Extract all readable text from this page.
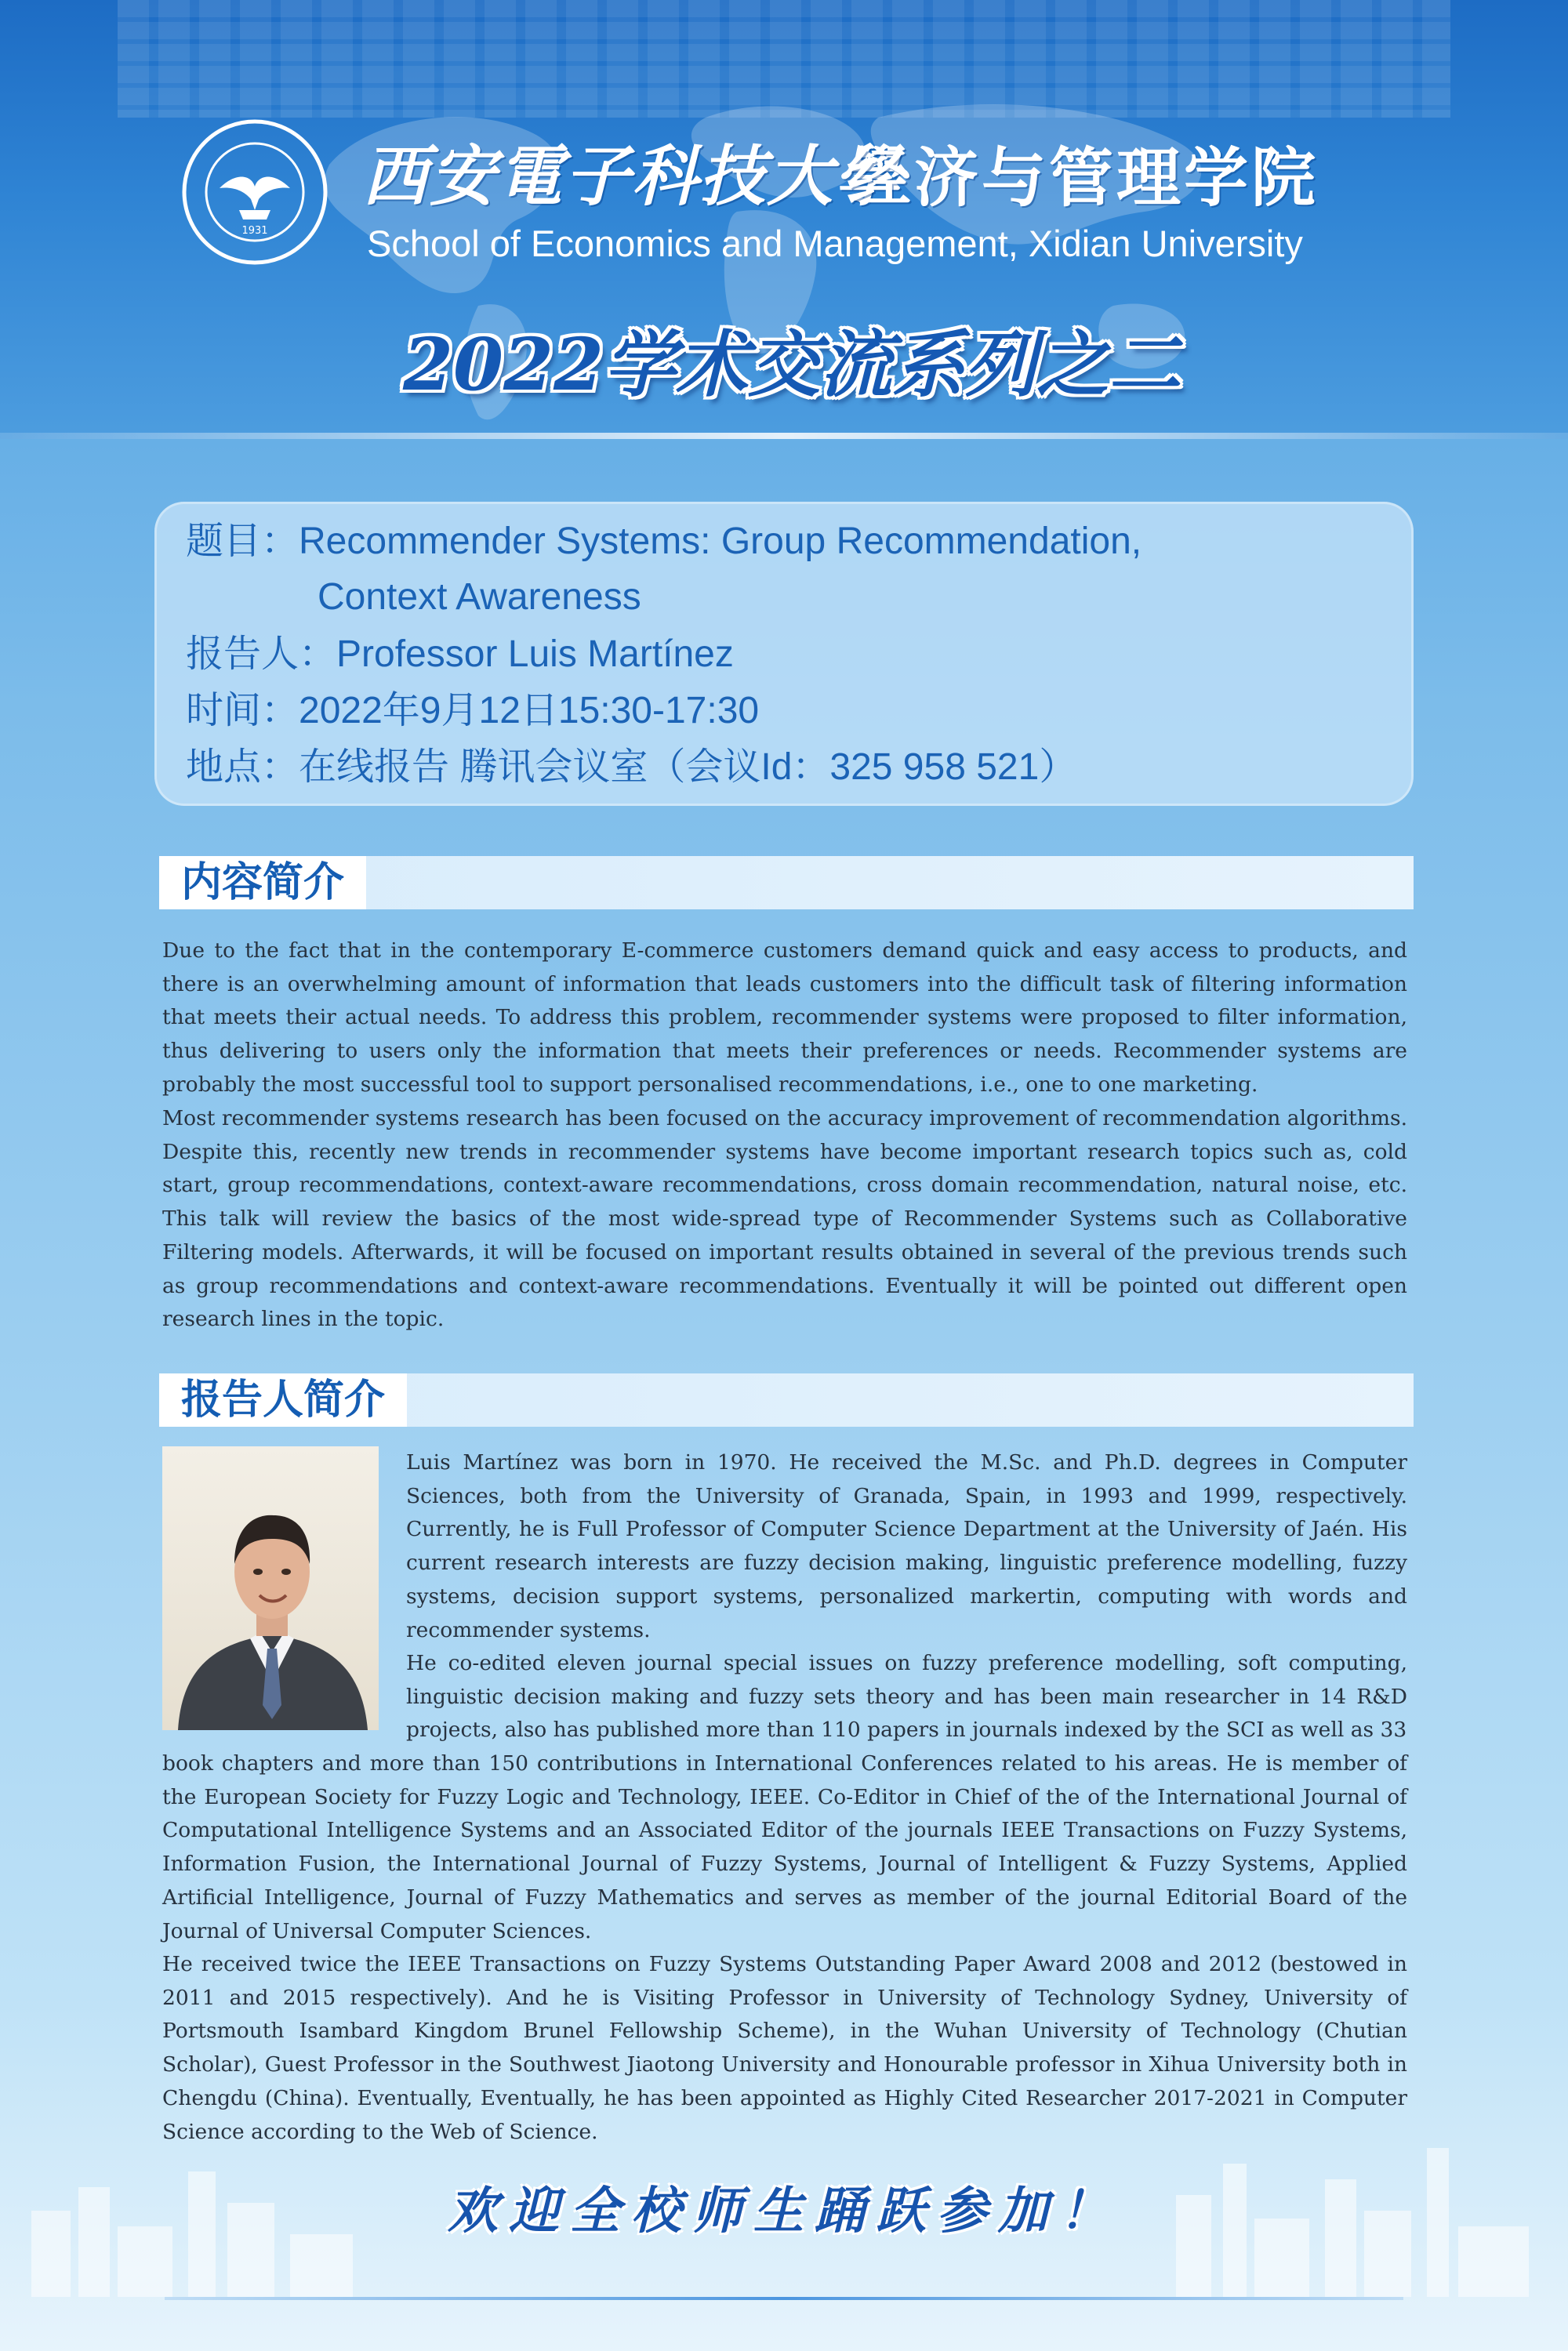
1931
西安電子科技大學
经济与管理学院
School of Economics and Management, Xidian University
2022学术交流系列之二
题目：Recommender Systems: Group Recommendation,
Context Awareness
报告人：Professor Luis Martínez
时间：2022年9月12日15:30-17:30
地点：在线报告 腾讯会议室（会议Id：325 958 521）
内容简介

Due to the fact that in the contemporary E-commerce customers demand quick and easy access to products, and there is an overwhelming amount of information that leads customers into the difficult task of filtering information that meets their actual needs. To address this problem, recommender systems were proposed to filter information, thus delivering to users only the information that meets their preferences or needs. Recommender systems are probably the most successful tool to support personalised recommendations, i.e., one to one marketing.

Most recommender systems research has been focused on the accuracy improvement of recommendation algorithms. Despite this, recently new trends in recommender systems have become important research topics such as, cold start, group recommendations, context-aware recommendations, cross domain recommendation, natural noise, etc. This talk will review the basics of the most wide-spread type of Recommender Systems such as Collaborative Filtering models. Afterwards, it will be focused on important results obtained in several of the previous trends such as group recommendations and context-aware recommendations. Eventually it will be pointed out different open research lines in the topic.

报告人简介

Luis Martínez was born in 1970. He received the M.Sc. and Ph.D. degrees in Computer Sciences, both from the University of Granada, Spain, in 1993 and 1999, respectively. Currently, he is Full Professor of Computer Science Department at the University of Jaén. His current research interests are fuzzy decision making, linguistic preference modelling, fuzzy systems, decision support systems, personalized markertin, computing with words and recommender systems.

He co-edited eleven journal special issues on fuzzy preference modelling, soft computing, linguistic decision making and fuzzy sets theory and has been main researcher in 14 R&D projects, also has published more than 110 papers in journals indexed by the SCI as well as 33

book chapters and more than 150 contributions in International Conferences related to his areas. He is member of the European Society for Fuzzy Logic and Technology, IEEE. Co-Editor in Chief of the of the International Journal of Computational Intelligence Systems and an Associated Editor of the journals IEEE Transactions on Fuzzy Systems, Information Fusion, the International Journal of Fuzzy Systems, Journal of Intelligent & Fuzzy Systems, Applied Artificial Intelligence, Journal of Fuzzy Mathematics and serves as member of the journal Editorial Board of the Journal of Universal Computer Sciences.

He received twice the IEEE Transactions on Fuzzy Systems Outstanding Paper Award 2008 and 2012 (bestowed in 2011 and 2015 respectively). And he is Visiting Professor in University of Technology Sydney, University of Portsmouth Isambard Kingdom Brunel Fellowship Scheme), in the Wuhan University of Technology (Chutian Scholar), Guest Professor in the Southwest Jiaotong University and Honourable professor in Xihua University both in Chengdu (China). Eventually, Eventually, he has been appointed as Highly Cited Researcher 2017-2021 in Computer Science according to the Web of Science.

欢迎全校师生踊跃参加！
